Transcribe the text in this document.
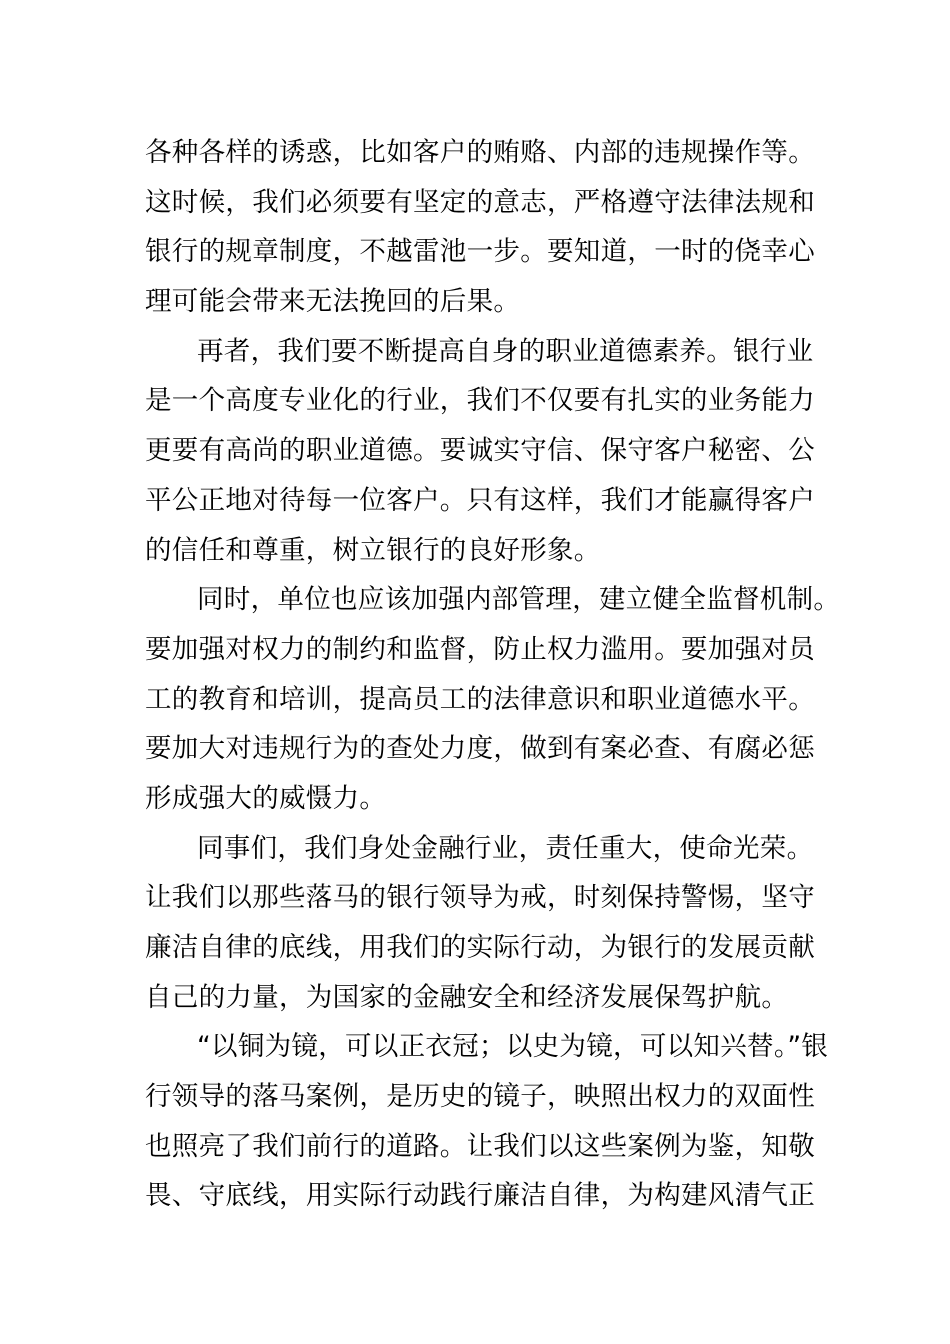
各种各样的诱惑，比如客户的贿赂、内部的违规操作等。
这时候，我们必须要有坚定的意志，严格遵守法律法规和
银行的规章制度，不越雷池一步。要知道，一时的侥幸心
理可能会带来无法挽回的后果。
再者，我们要不断提高自身的职业道德素养。银行业
是一个高度专业化的行业，我们不仅要有扎实的业务能力
更要有高尚的职业道德。要诚实守信、保守客户秘密、公
平公正地对待每一位客户。只有这样，我们才能赢得客户
的信任和尊重，树立银行的良好形象。
同时，单位也应该加强内部管理，建立健全监督机制。
要加强对权力的制约和监督，防止权力滥用。要加强对员
工的教育和培训，提高员工的法律意识和职业道德水平。
要加大对违规行为的查处力度，做到有案必查、有腐必惩
形成强大的威慑力。
同事们，我们身处金融行业，责任重大，使命光荣。
让我们以那些落马的银行领导为戒，时刻保持警惕，坚守
廉洁自律的底线，用我们的实际行动，为银行的发展贡献
自己的力量，为国家的金融安全和经济发展保驾护航。
“以铜为镜，可以正衣冠；以史为镜，可以知兴替。”银
行领导的落马案例，是历史的镜子，映照出权力的双面性
也照亮了我们前行的道路。让我们以这些案例为鉴，知敬
畏、守底线，用实际行动践行廉洁自律，为构建风清气正
